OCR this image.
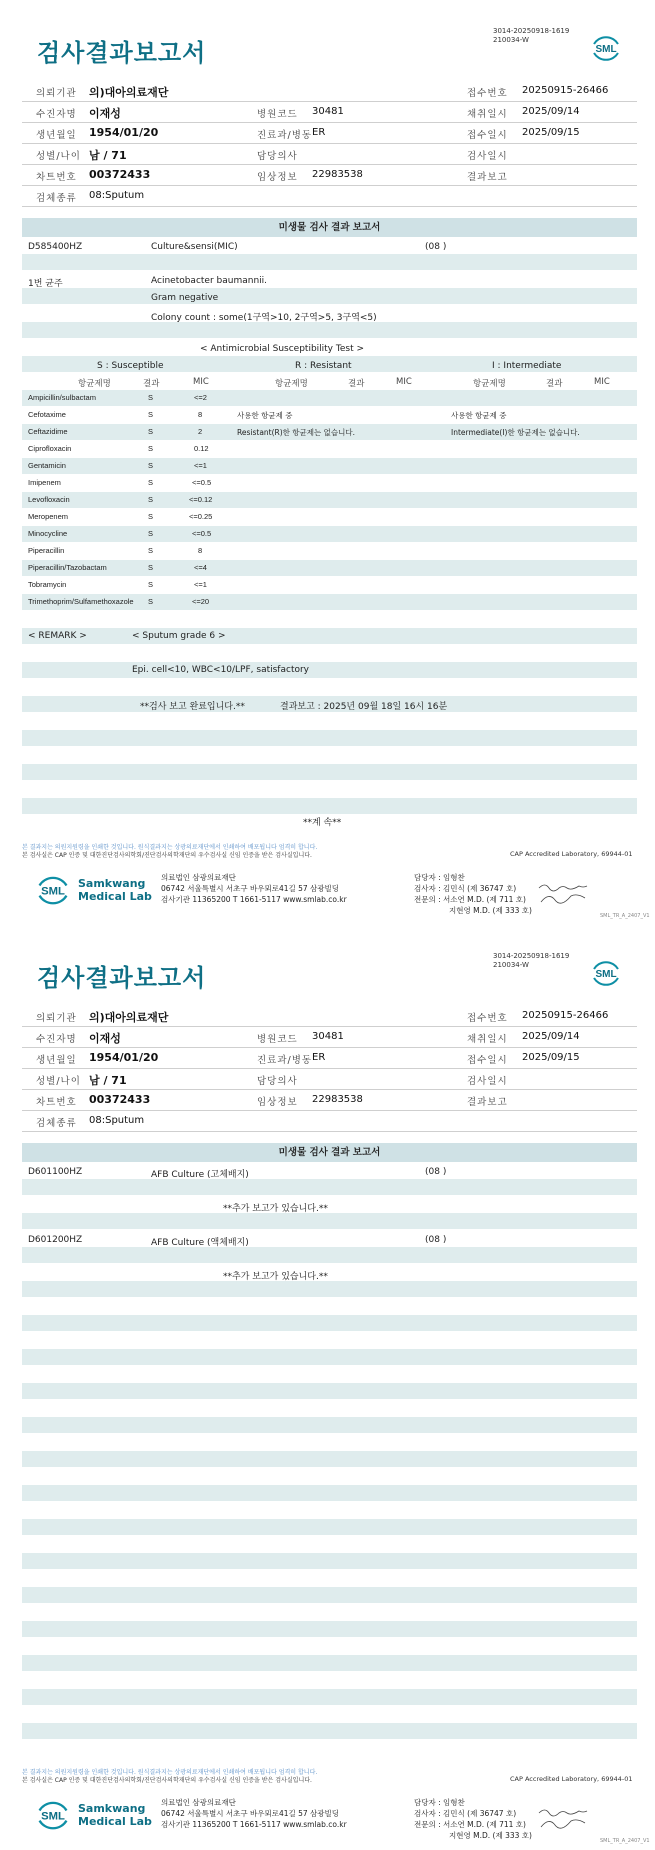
검사결과보고서
3014-20250918-1619
210034-W
SML
의뢰기관 의)대아의료재단	접수번호 20250915-26466
수진자명 이재성	병원코드 30481	채취일시 2025/09/14
생년월일 1954/01/20	진료과/병동 ER	접수일시 2025/09/15
성별/나이 남 / 71	담당의사	검사일시
차트번호 00372433	임상정보 22983538	결과보고
검체종류 08:Sputum
미생물 검사 결과 보고서
D585400HZ	Culture&sensi(MIC)	(08 )
1번 균주	Acinetobacter baumannii.
Gram negative
Colony count : some(1구역>10, 2구역>5, 3구역<5)
< Antimicrobial Susceptibility Test >
S : Susceptible	R : Resistant	I : Intermediate
항균제명	결과	MIC	항균제명	결과	MIC	항균제명	결과	MIC
Ampicillin/sulbactam	S	<=2
Cefotaxime	S	8
Ceftazidime	S	2
Ciprofloxacin	S	0.12
Gentamicin	S	<=1
Imipenem	S	<=0.5
Levofloxacin	S	<=0.12
Meropenem	S	<=0.25
Minocycline	S	<=0.5
Piperacillin	S	8
Piperacillin/Tazobactam	S	<=4
Tobramycin	S	<=1
Trimethoprim/Sulfamethoxazole S	<=20
사용한 항균제 중
Resistant(R)한 항균제는 없습니다.
사용한 항균제 중
Intermediate(I)한 항균제는 없습니다.
< REMARK >	< Sputum grade 6 >
Epi. cell<10, WBC<10/LPF, satisfactory
**검사 보고 완료입니다.**	결과보고 : 2025년 09월 18일 16시 16분
**계 속**
본 결과지는 의원지원령을 인쇄한 것입니다. 원식결과지는 상광의료재단에서 인쇄하여 배포됩니다 엄격히 합니다.
본 검사실은 CAP 인증 및 대한진단검사의학회/진단검사의학재단의 우수검사실 신임 인증을 받은 검사실입니다.	CAP Accredited Laboratory, 69944-01
SML
Samkwang
Medical Lab
의료법인 삼광의료재단
06742 서울특별시 서초구 바우뫼로41길 57 삼광빌딩
검사기관 11365200 T 1661-5117 www.smlab.co.kr
담당자 : 임형찬
검사자 : 김민식 (제 36747 호)
전문의 : 서소연 M.D. (제 711 호)
지현영 M.D. (제 333 호)
SML_TR_A_2407_V1
검사결과보고서
3014-20250918-1619
210034-W
SML
의뢰기관 의)대아의료재단	접수번호 20250915-26466
수진자명 이재성	병원코드 30481	채취일시 2025/09/14
생년월일 1954/01/20	진료과/병동 ER	접수일시 2025/09/15
성별/나이 남 / 71	담당의사	검사일시
차트번호 00372433	임상정보 22983538	결과보고
검체종류 08:Sputum
미생물 검사 결과 보고서
D601100HZ	AFB Culture (고체배지)	(08 )
**추가 보고가 있습니다.**
D601200HZ	AFB Culture (액체배지)	(08 )
**추가 보고가 있습니다.**
본 결과지는 의원지원령을 인쇄한 것입니다. 원식결과지는 상광의료재단에서 인쇄하여 배포됩니다 엄격히 합니다.
본 검사실은 CAP 인증 및 대한진단검사의학회/진단검사의학재단의 우수검사실 신임 인증을 받은 검사실입니다.	CAP Accredited Laboratory, 69944-01
SML
Samkwang
Medical Lab
의료법인 삼광의료재단
06742 서울특별시 서초구 바우뫼로41길 57 삼광빌딩
검사기관 11365200 T 1661-5117 www.smlab.co.kr
담당자 : 임형찬
검사자 : 김민식 (제 36747 호)
전문의 : 서소연 M.D. (제 711 호)
지현영 M.D. (제 333 호)
SML_TR_A_2407_V1
